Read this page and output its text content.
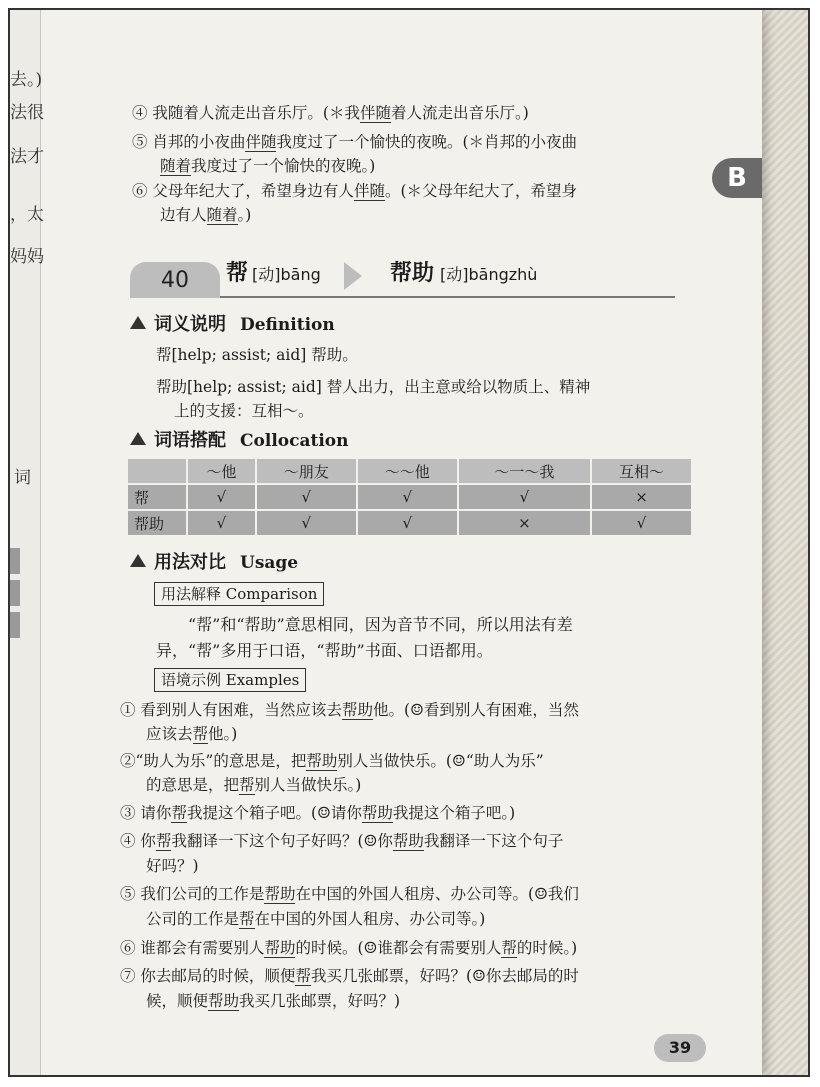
去。)
法很
法才
，太
妈妈
词
④ 我随着人流走出音乐厅。(＊我伴随着人流走出音乐厅。)
⑤ 肖邦的小夜曲伴随我度过了一个愉快的夜晚。(＊肖邦的小夜曲
随着我度过了一个愉快的夜晚。)
⑥ 父母年纪大了，希望身边有人伴随。(＊父母年纪大了，希望身
边有人随着。)
B
40	帮 [动]bāng	帮助 [动]bāngzhù
词义说明 Definition
帮[help; assist; aid] 帮助。
帮助[help; assist; aid] 替人出力，出主意或给以物质上、精神
上的支援：互相～。
词语搭配 Collocation
	～他	～朋友	～～他	～一～我	互相～
帮	√	√	√	√	×
帮助	√	√	√	×	√
用法对比 Usage
用法解释 Comparison
“帮”和“帮助”意思相同，因为音节不同，所以用法有差
异，“帮”多用于口语，“帮助”书面、口语都用。
语境示例 Examples
① 看到别人有困难，当然应该去帮助他。(☺看到别人有困难，当然
应该去帮他。)
②“助人为乐”的意思是，把帮助别人当做快乐。(☺“助人为乐”
的意思是，把帮别人当做快乐。)
③ 请你帮我提这个箱子吧。(☺请你帮助我提这个箱子吧。)
④ 你帮我翻译一下这个句子好吗？(☺你帮助我翻译一下这个句子
好吗？)
⑤ 我们公司的工作是帮助在中国的外国人租房、办公司等。(☺我们
公司的工作是帮在中国的外国人租房、办公司等。)
⑥ 谁都会有需要别人帮助的时候。(☺谁都会有需要别人帮的时候。)
⑦ 你去邮局的时候，顺便帮我买几张邮票，好吗？(☺你去邮局的时
候，顺便帮助我买几张邮票，好吗？)
39
